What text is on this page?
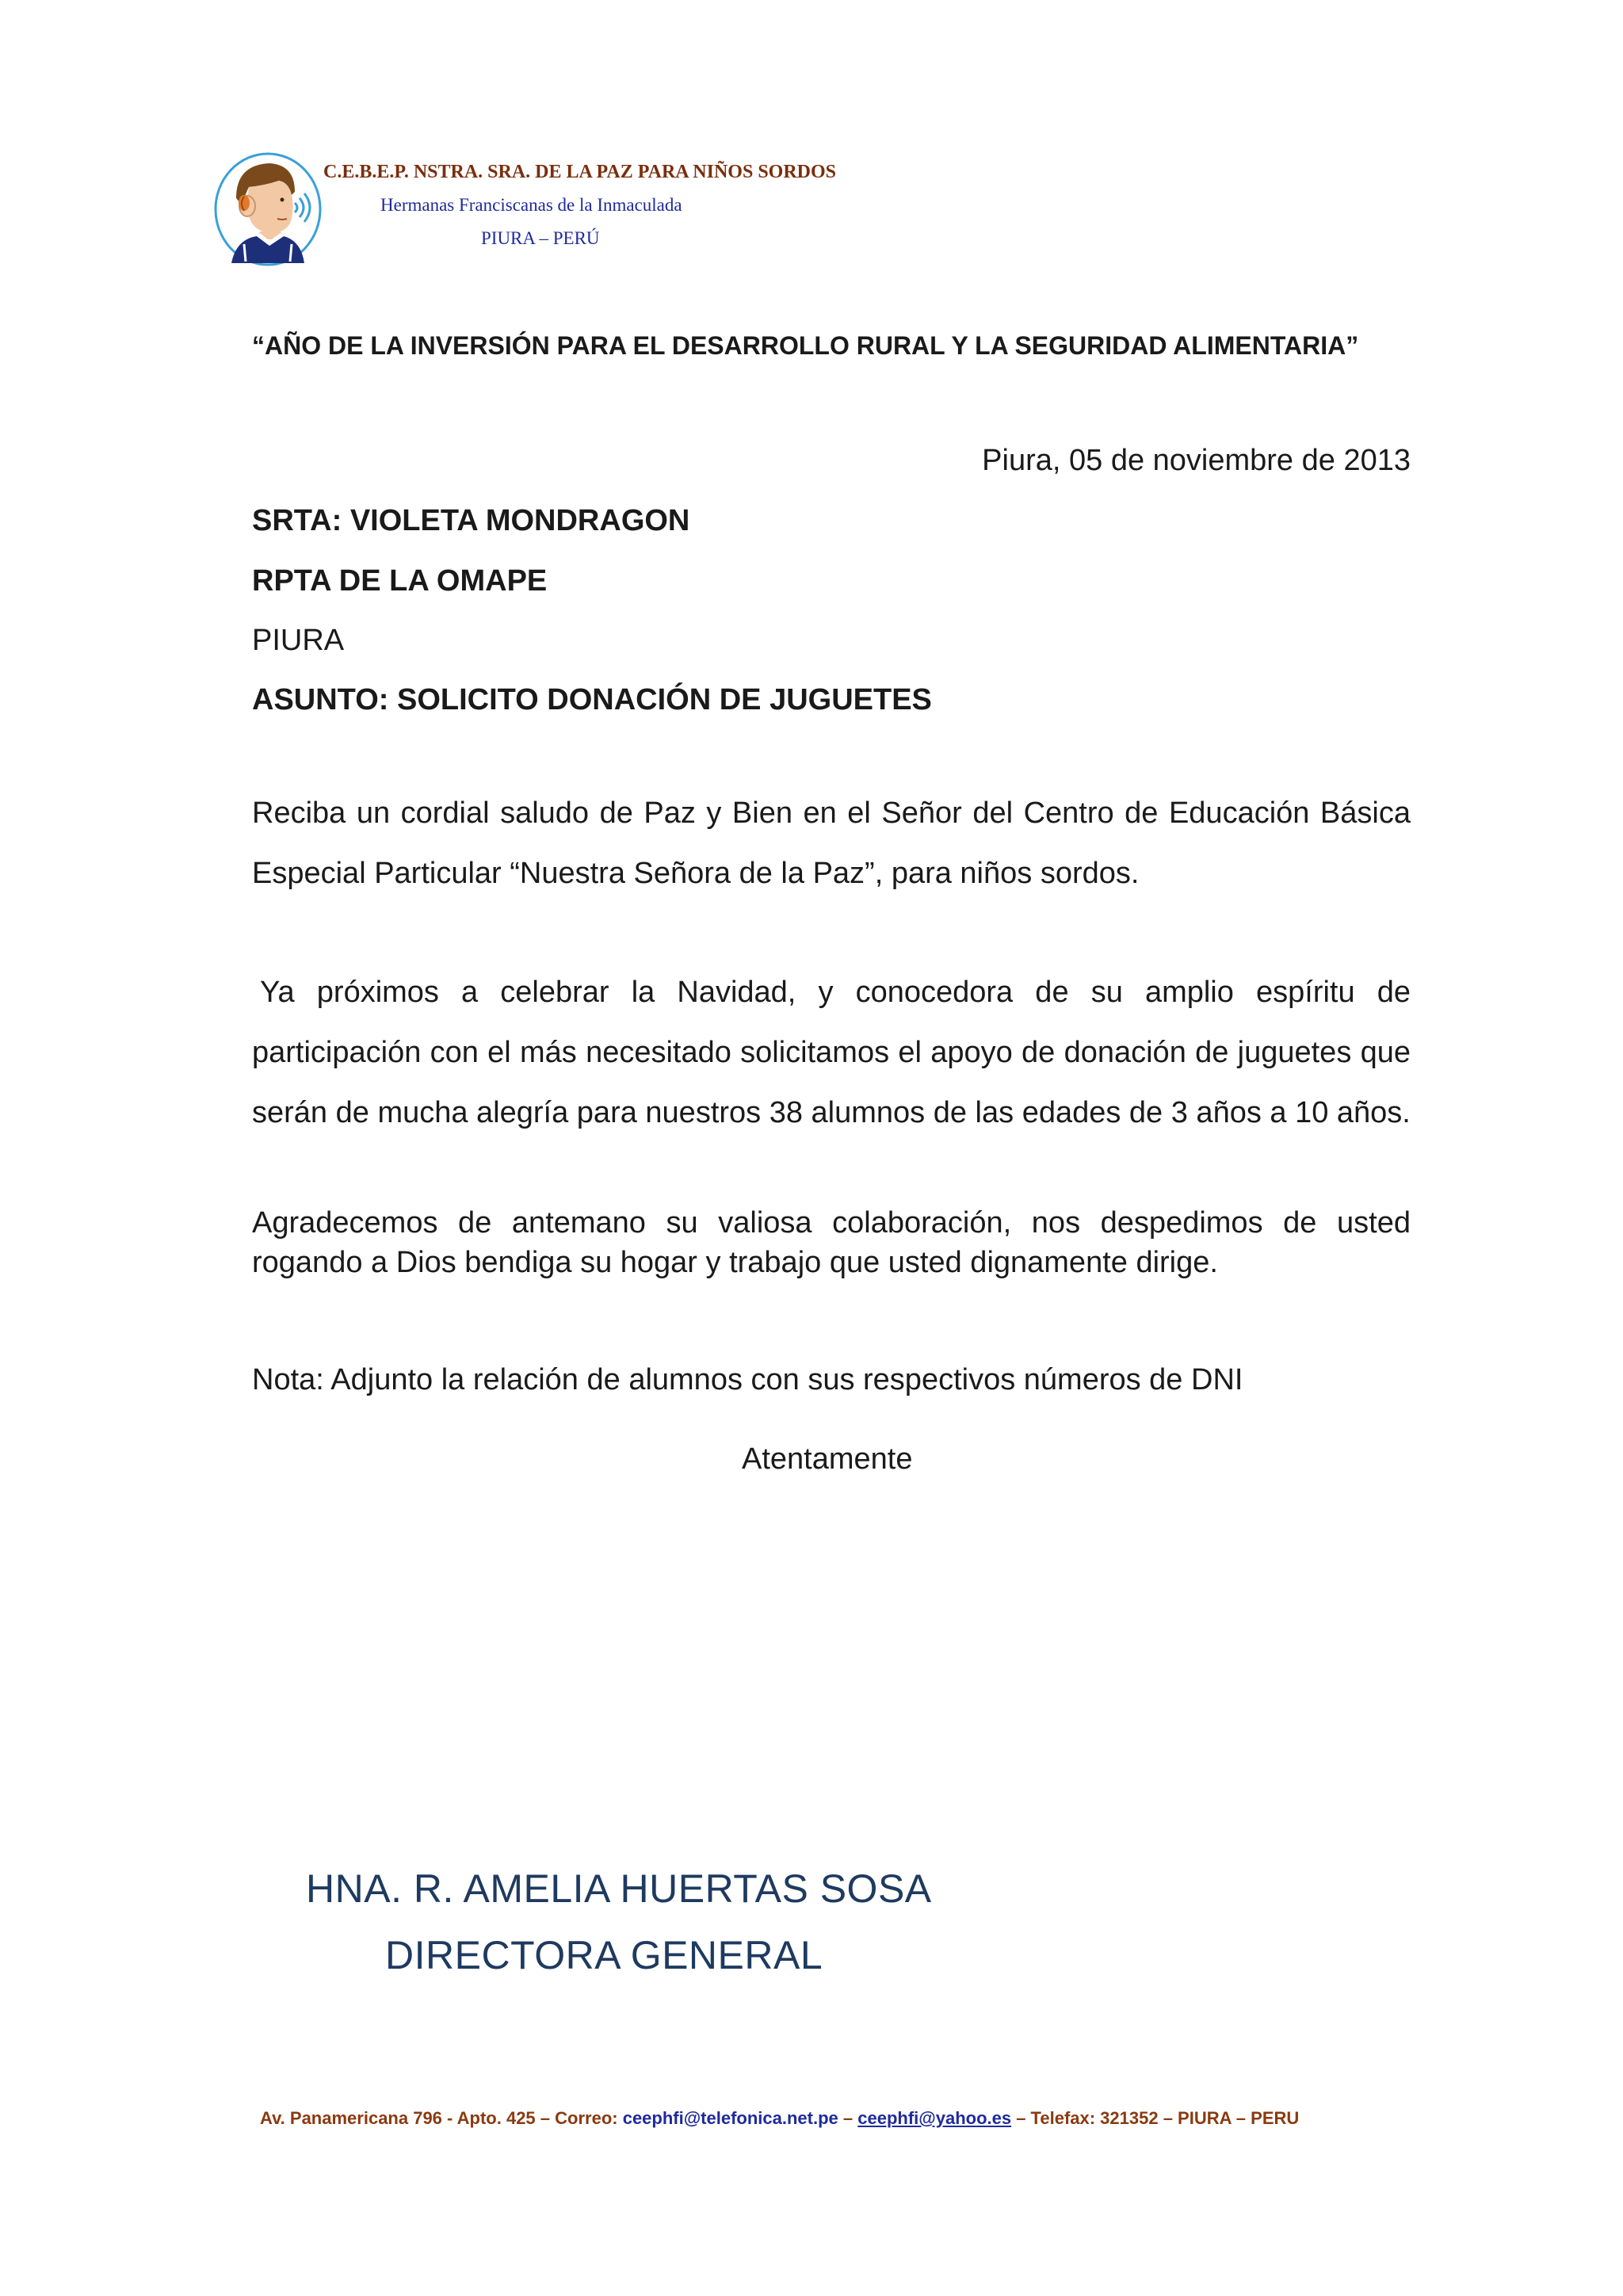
C.E.B.E.P. NSTRA. SRA. DE LA PAZ PARA NIÑOS SORDOS
Hermanas Franciscanas de la Inmaculada
PIURA – PERÚ
“AÑO DE LA INVERSIÓN PARA EL DESARROLLO RURAL Y LA SEGURIDAD ALIMENTARIA”
Piura, 05 de noviembre de 2013
SRTA: VIOLETA MONDRAGON
RPTA DE LA OMAPE
PIURA
ASUNTO: SOLICITO DONACIÓN DE JUGUETES
Reciba un cordial saludo de Paz y Bien en el Señor del Centro de Educación Básica Especial Particular “Nuestra Señora de la Paz”, para niños sordos.
Ya próximos a celebrar la Navidad, y conocedora de su amplio espíritu de participación con el más necesitado solicitamos el apoyo de donación de juguetes que serán de mucha alegría para nuestros 38 alumnos de las edades de 3 años a 10 años.
Agradecemos de antemano su valiosa colaboración, nos despedimos de usted rogando a Dios bendiga su hogar y trabajo que usted dignamente dirige.
Nota: Adjunto la relación de alumnos con sus respectivos números de DNI
Atentamente
HNA. R. AMELIA HUERTAS SOSA
DIRECTORA GENERAL
Av. Panamericana 796 - Apto. 425 – Correo: ceephfi@telefonica.net.pe – ceephfi@yahoo.es – Telefax: 321352 – PIURA – PERU
